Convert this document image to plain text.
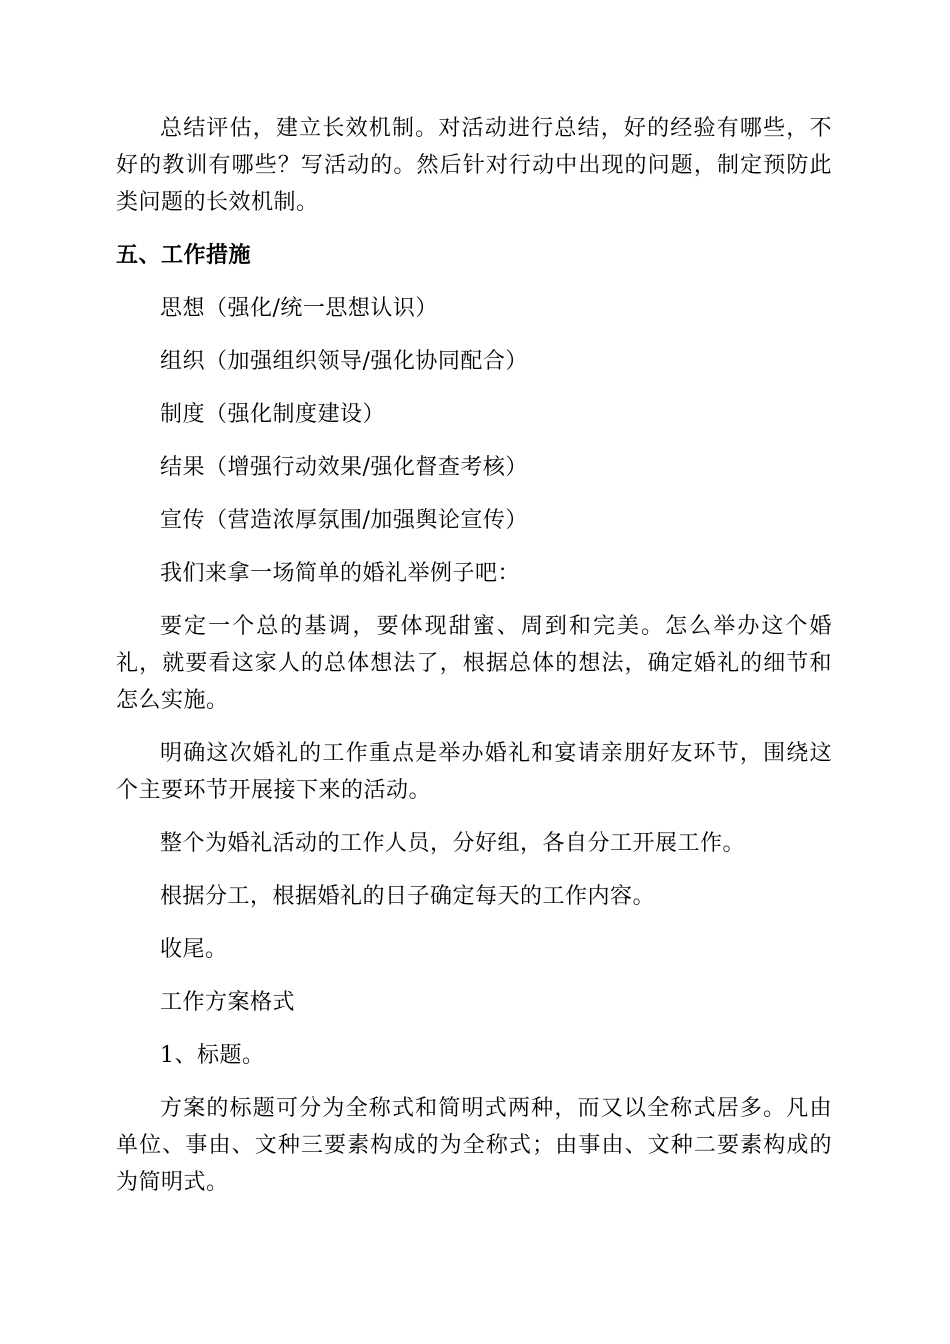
总结评估，建立长效机制。对活动进行总结，好的经验有哪些，不好的教训有哪些？写活动的。然后针对行动中出现的问题，制定预防此类问题的长效机制。

五、工作措施

思想（强化/统一思想认识）

组织（加强组织领导/强化协同配合）

制度（强化制度建设）

结果（增强行动效果/强化督查考核）

宣传（营造浓厚氛围/加强舆论宣传）

我们来拿一场简单的婚礼举例子吧：

要定一个总的基调，要体现甜蜜、周到和完美。怎么举办这个婚礼，就要看这家人的总体想法了，根据总体的想法，确定婚礼的细节和怎么实施。

明确这次婚礼的工作重点是举办婚礼和宴请亲朋好友环节，围绕这个主要环节开展接下来的活动。

整个为婚礼活动的工作人员，分好组，各自分工开展工作。

根据分工，根据婚礼的日子确定每天的工作内容。

收尾。

工作方案格式

1、标题。

方案的标题可分为全称式和简明式两种，而又以全称式居多。凡由单位、事由、文种三要素构成的为全称式；由事由、文种二要素构成的为简明式。
